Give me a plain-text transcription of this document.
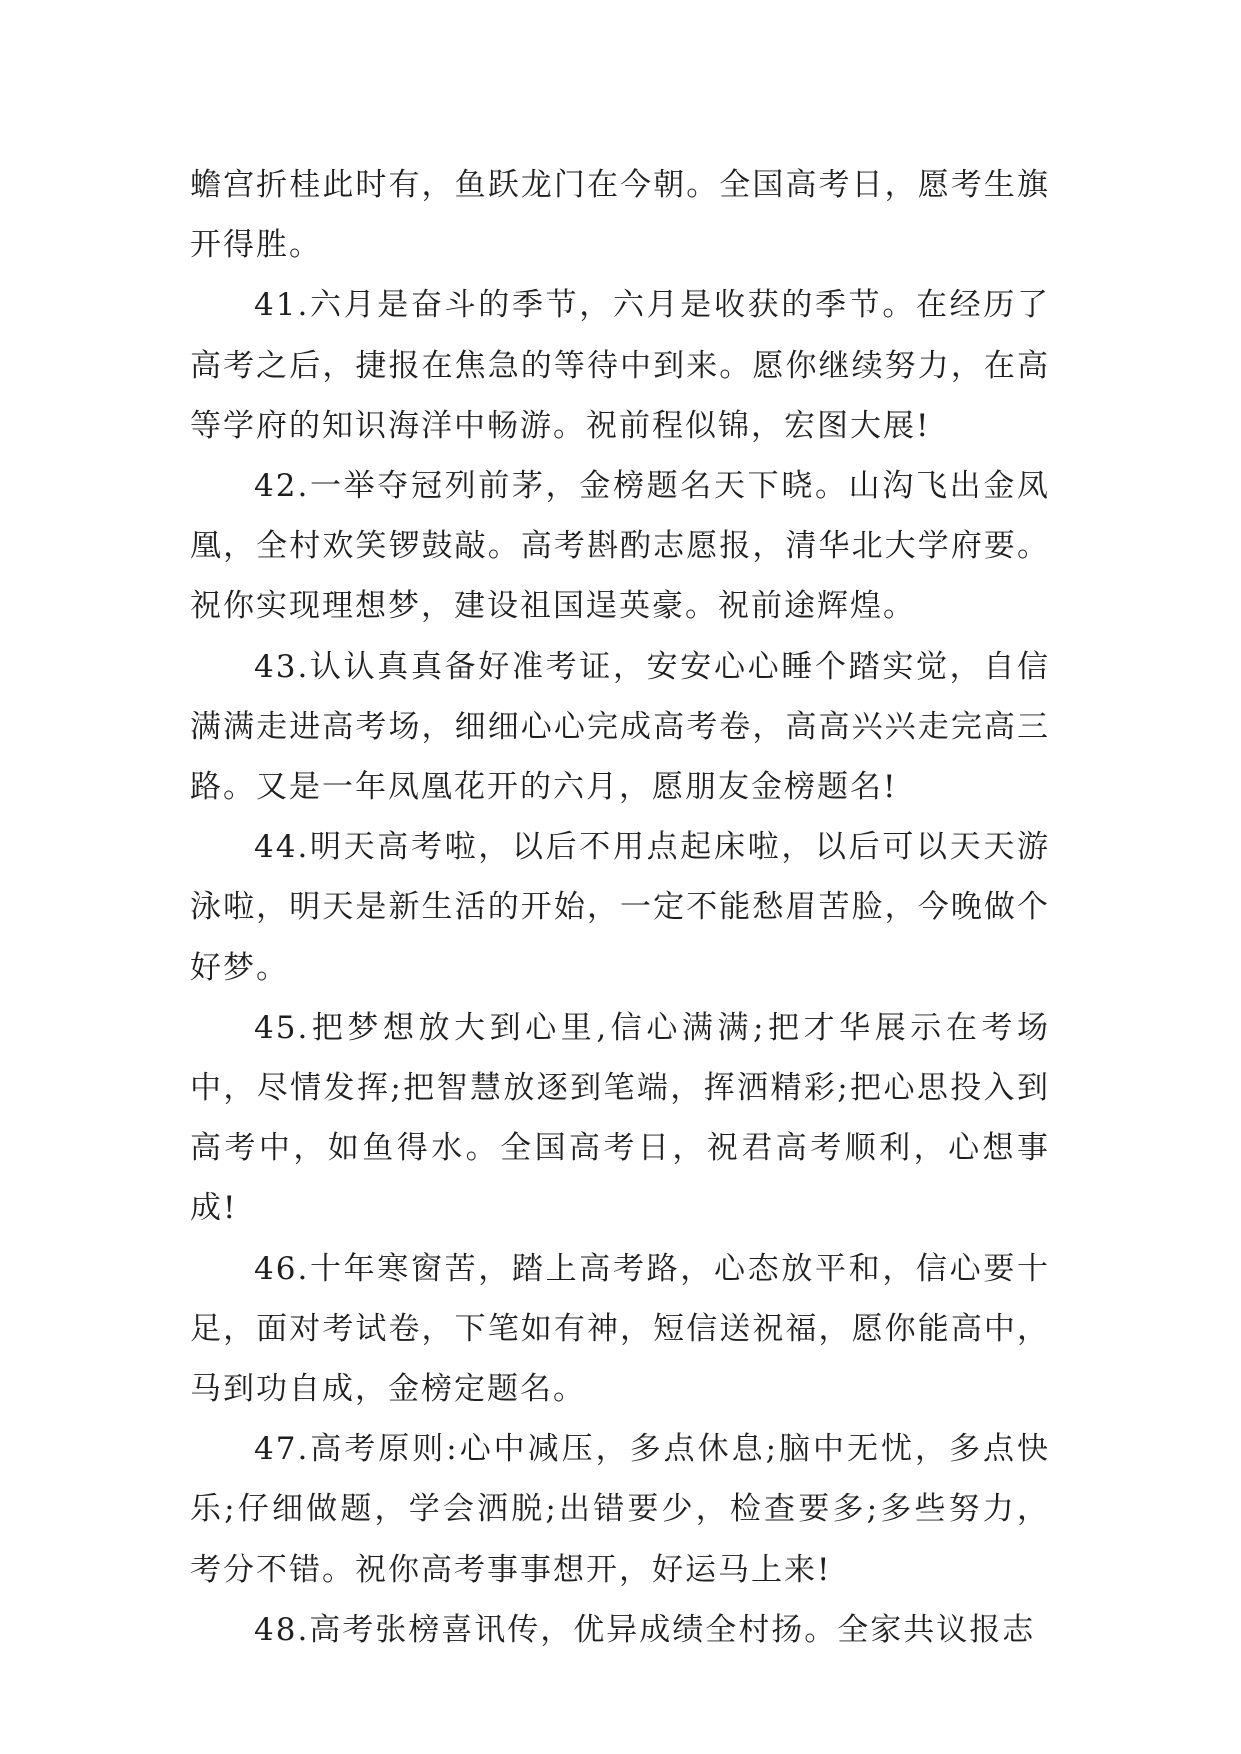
蟾宫折桂此时有，鱼跃龙门在今朝。全国高考日，愿考生旗开得胜。

41.六月是奋斗的季节，六月是收获的季节。在经历了高考之后，捷报在焦急的等待中到来。愿你继续努力，在高等学府的知识海洋中畅游。祝前程似锦，宏图大展!

42.一举夺冠列前茅，金榜题名天下晓。山沟飞出金凤凰，全村欢笑锣鼓敲。高考斟酌志愿报，清华北大学府要。祝你实现理想梦，建设祖国逞英豪。祝前途辉煌。

43.认认真真备好准考证，安安心心睡个踏实觉，自信满满走进高考场，细细心心完成高考卷，高高兴兴走完高三路。又是一年凤凰花开的六月，愿朋友金榜题名!

44.明天高考啦，以后不用点起床啦，以后可以天天游泳啦，明天是新生活的开始，一定不能愁眉苦脸，今晚做个好梦。

45.把梦想放大到心里,信心满满;把才华展示在考场中，尽情发挥;把智慧放逐到笔端，挥洒精彩;把心思投入到高考中，如鱼得水。全国高考日，祝君高考顺利，心想事成!

46.十年寒窗苦，踏上高考路，心态放平和，信心要十足，面对考试卷，下笔如有神，短信送祝福，愿你能高中，马到功自成，金榜定题名。

47.高考原则:心中减压，多点休息;脑中无忧，多点快乐;仔细做题，学会洒脱;出错要少，检查要多;多些努力，考分不错。祝你高考事事想开，好运马上来!

48.高考张榜喜讯传，优异成绩全村扬。全家共议报志
